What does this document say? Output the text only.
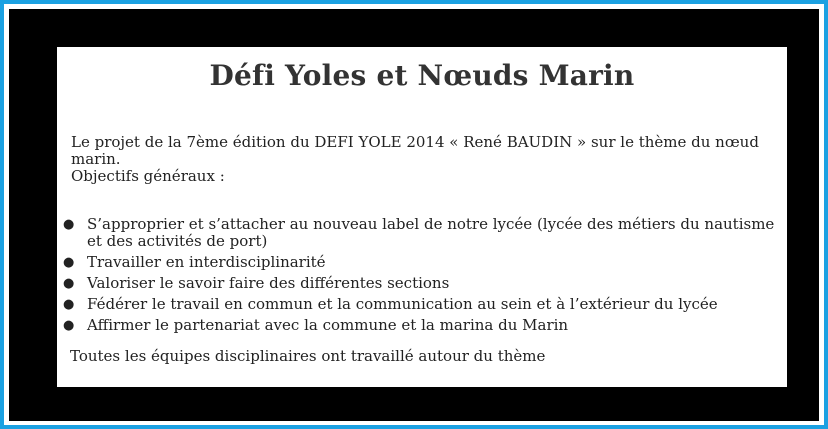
Défi Yoles et Nœuds Marin

Le projet de la 7ème édition du DEFI YOLE 2014 « René BAUDIN » sur le thème du nœud marin.

Objectifs généraux :

● S’approprier et s’attacher au nouveau label de notre lycée (lycée des métiers du nautisme et des activités de port)
● Travailler en interdisciplinarité
● Valoriser le savoir faire des différentes sections
● Fédérer le travail en commun et la communication au sein et à l’extérieur du lycée
● Affirmer le partenariat avec la commune et la marina du Marin
Toutes les équipes disciplinaires ont travaillé autour du thème
